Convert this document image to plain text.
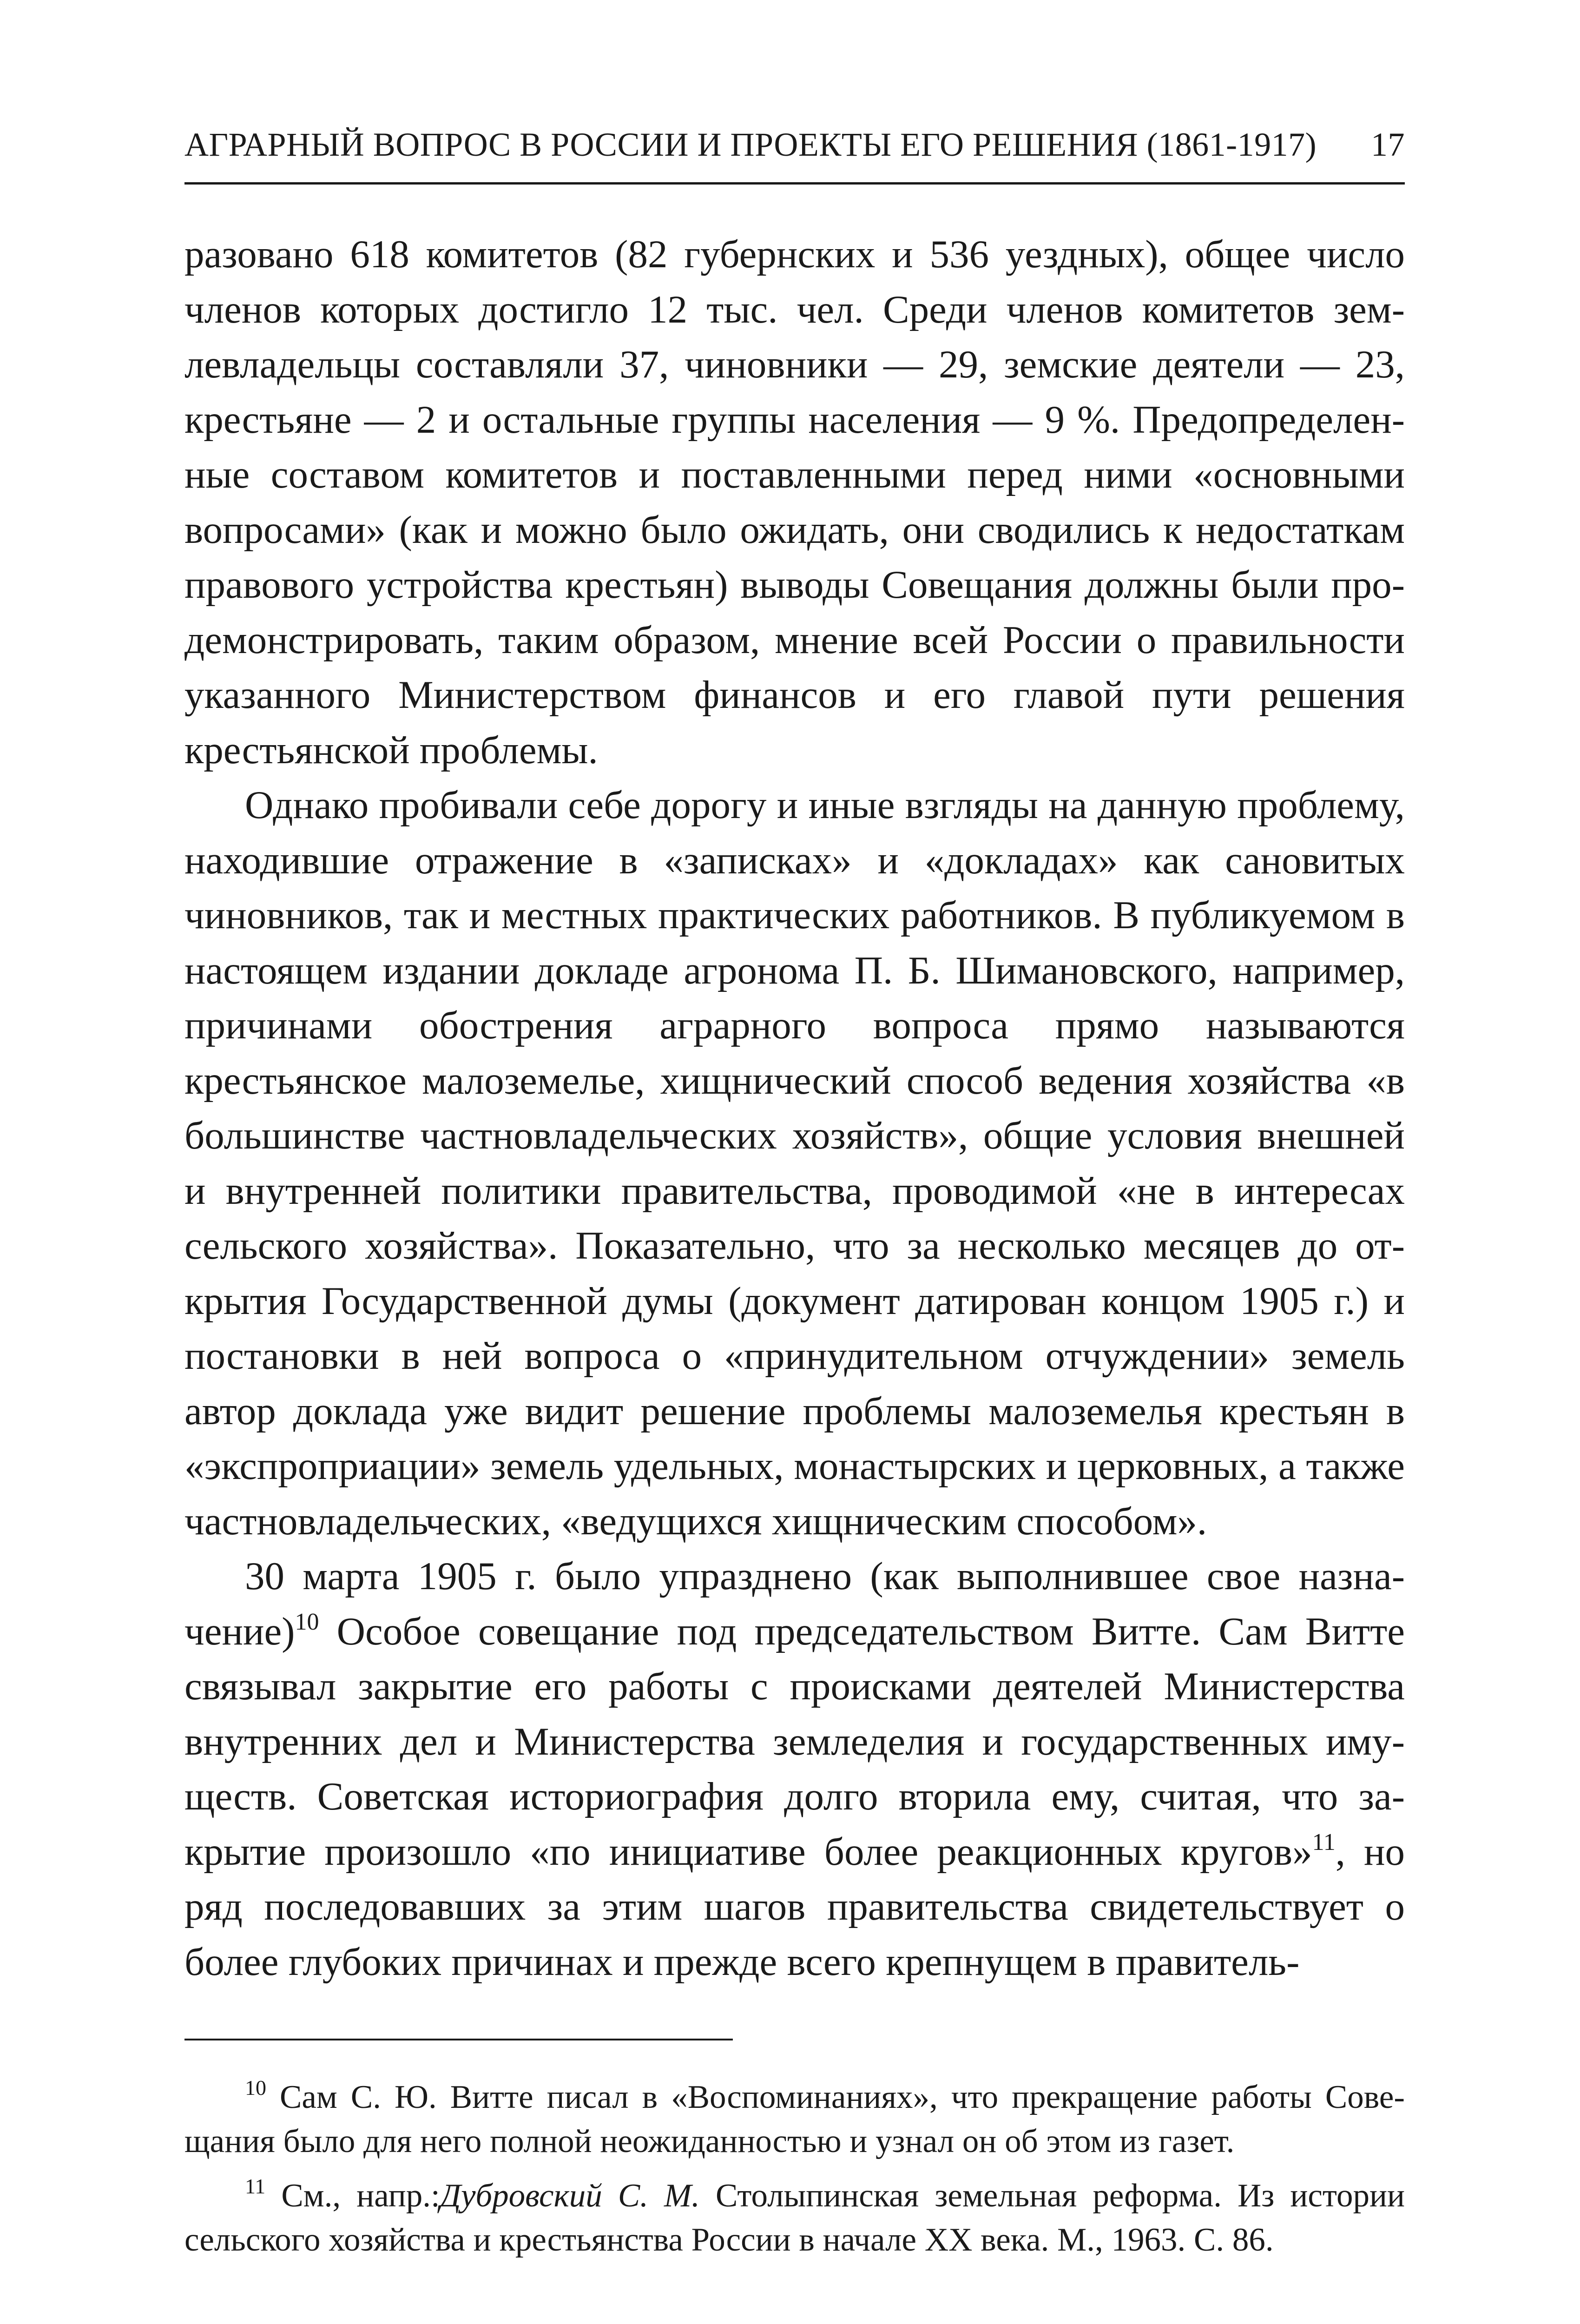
АГРАРНЫЙ ВОПРОС В РОССИИ И ПРОЕКТЫ ЕГО РЕШЕНИЯ (1861-1917) 17

разовано 618 комитетов (82 губернских и 536 уездных), общее число членов которых достигло 12 тыс. чел. Среди членов комитетов землевладельцы составляли 37, чиновники — 29, земские деятели — 23, крестьяне — 2 и остальные группы населения — 9 %. Предопределенные составом комитетов и поставленными перед ними «основными вопросами» (как и можно было ожидать, они сводились к недостаткам правового устройства крестьян) выводы Совещания должны были продемонстрировать, таким образом, мнение всей России о правильности указанного Министерством финансов и его главой пути решения крестьянской проблемы.

Однако пробивали себе дорогу и иные взгляды на данную проблему, находившие отражение в «записках» и «докладах» как сановитых чиновников, так и местных практических работников. В публикуемом в настоящем издании докладе агронома П. Б. Шимановского, например, причинами обострения аграрного вопроса прямо называются крестьянское малоземелье, хищнический способ ведения хозяйства «в большинстве частновладельческих хозяйств», общие условия внешней и внутренней политики правительства, проводимой «не в интересах сельского хозяйства». Показательно, что за несколько месяцев до открытия Государственной думы (документ датирован концом 1905 г.) и постановки в ней вопроса о «принудительном отчуждении» земель автор доклада уже видит решение проблемы малоземелья крестьян в «экспроприации» земель удельных, монастырских и церковных, а также частновладельческих, «ведущихся хищническим способом».

30 марта 1905 г. было упразднено (как выполнившее свое назначение)$^{10}$ Особое совещание под председательством Витте. Сам Витте связывал закрытие его работы с происками деятелей Министерства внутренних дел и Министерства земледелия и государственных имуществ. Советская историография долго вторила ему, считая, что закрытие произошло «по инициативе более реакционных кругов»$^{11}$, но ряд последовавших за этим шагов правительства свидетельствует о более глубоких причинах и прежде всего крепнущем в правитель-

$^{10}$ Сам С. Ю. Витте писал в «Воспоминаниях», что прекращение работы Совещания было для него полной неожиданностью и узнал он об этом из газет.

$^{11}$ См., напр.:Дубровский С. М. Столыпинская земельная реформа. Из истории сельского хозяйства и крестьянства России в начале XX века. М., 1963. С. 86.
